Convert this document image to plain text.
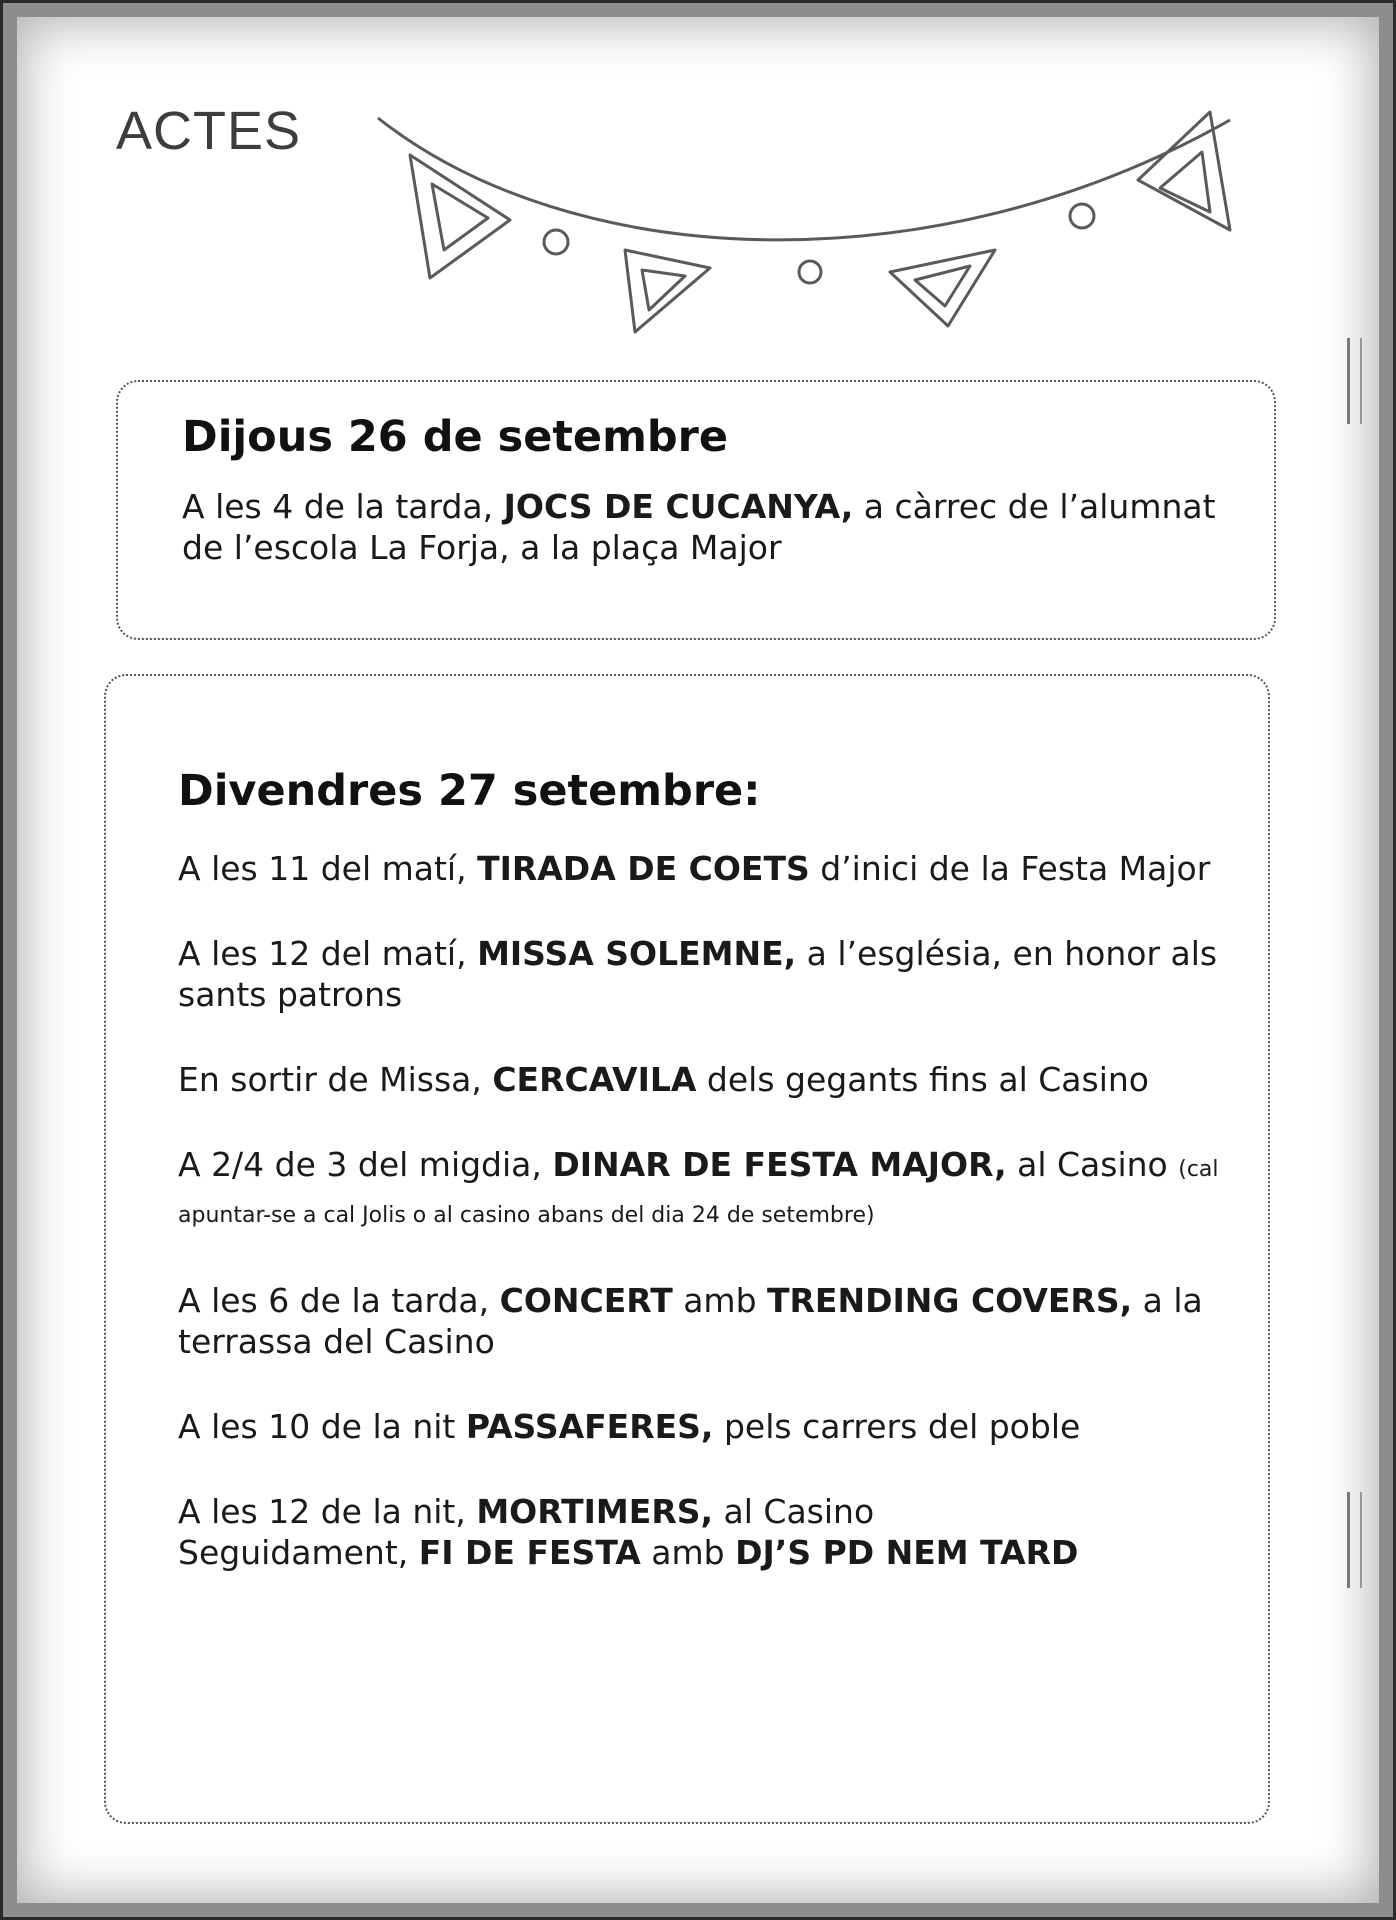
ACTES
Dijous 26 de setembre

A les 4 de la tarda, JOCS DE CUCANYA, a càrrec de l’alumnat de l’escola La Forja, a la plaça Major

Divendres 27 setembre:

A les 11 del matí, TIRADA DE COETS d’inici de la Festa Major

A les 12 del matí, MISSA SOLEMNE, a l’església, en honor als sants patrons

En sortir de Missa, CERCAVILA dels gegants fins al Casino

A 2/4 de 3 del migdia, DINAR DE FESTA MAJOR, al Casino (cal apuntar-se a cal Jolis o al casino abans del dia 24 de setembre)

A les 6 de la tarda, CONCERT amb TRENDING COVERS, a la terrassa del Casino

A les 10 de la nit PASSAFERES, pels carrers del poble

A les 12 de la nit, MORTIMERS, al Casino
Seguidament, FI DE FESTA amb DJ’S PD NEM TARD
